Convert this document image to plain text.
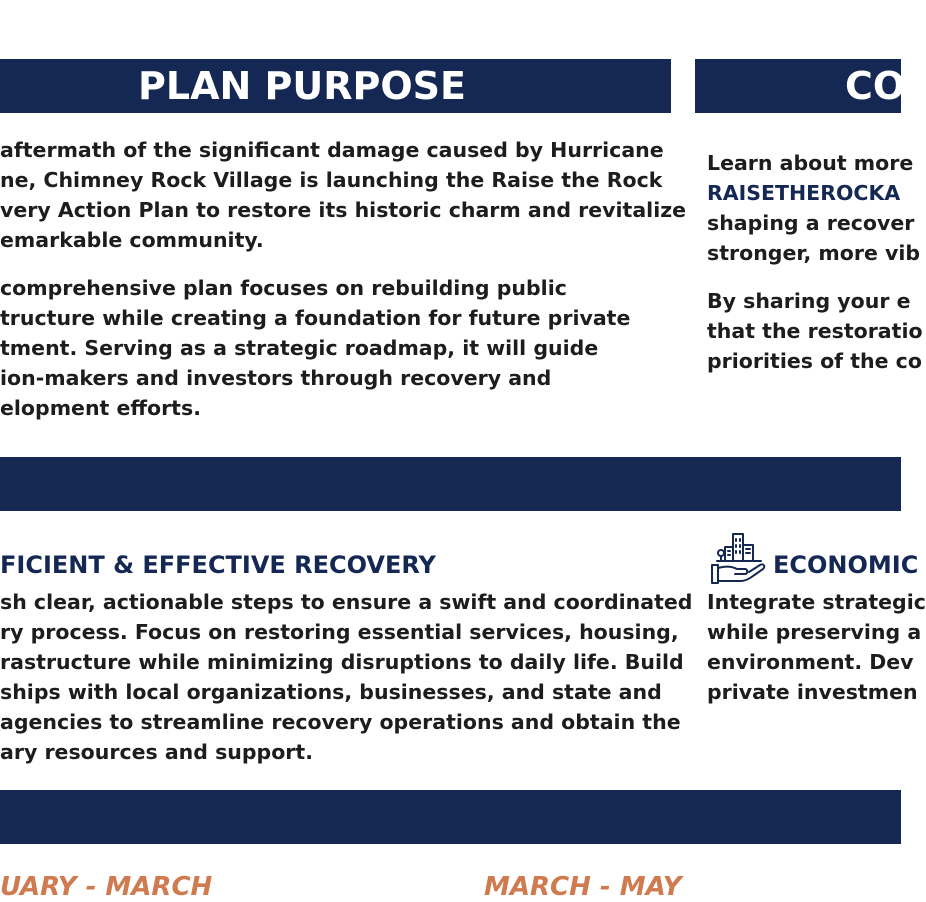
PLAN PURPOSE	CO
aftermath of the significant damage caused by Hurricane
ne, Chimney Rock Village is launching the Raise the Rock
very Action Plan to restore its historic charm and revitalize
emarkable community.
comprehensive plan focuses on rebuilding public
tructure while creating a foundation for future private
tment. Serving as a strategic roadmap, it will guide
ion-makers and investors through recovery and
elopment efforts.
Learn about more
RAISETHEROCKA
shaping a recover
stronger, more vib
By sharing your e
that the restoratio
priorities of the co
FICIENT & EFFECTIVE RECOVERY
sh clear, actionable steps to ensure a swift and coordinated
ry process. Focus on restoring essential services, housing,
rastructure while minimizing disruptions to daily life. Build
ships with local organizations, businesses, and state and
agencies to streamline recovery operations and obtain the
ary resources and support.
ECONOMIC
Integrate strategic
while preserving a
environment. Dev
private investmen
UARY - MARCH	MARCH - MAY
